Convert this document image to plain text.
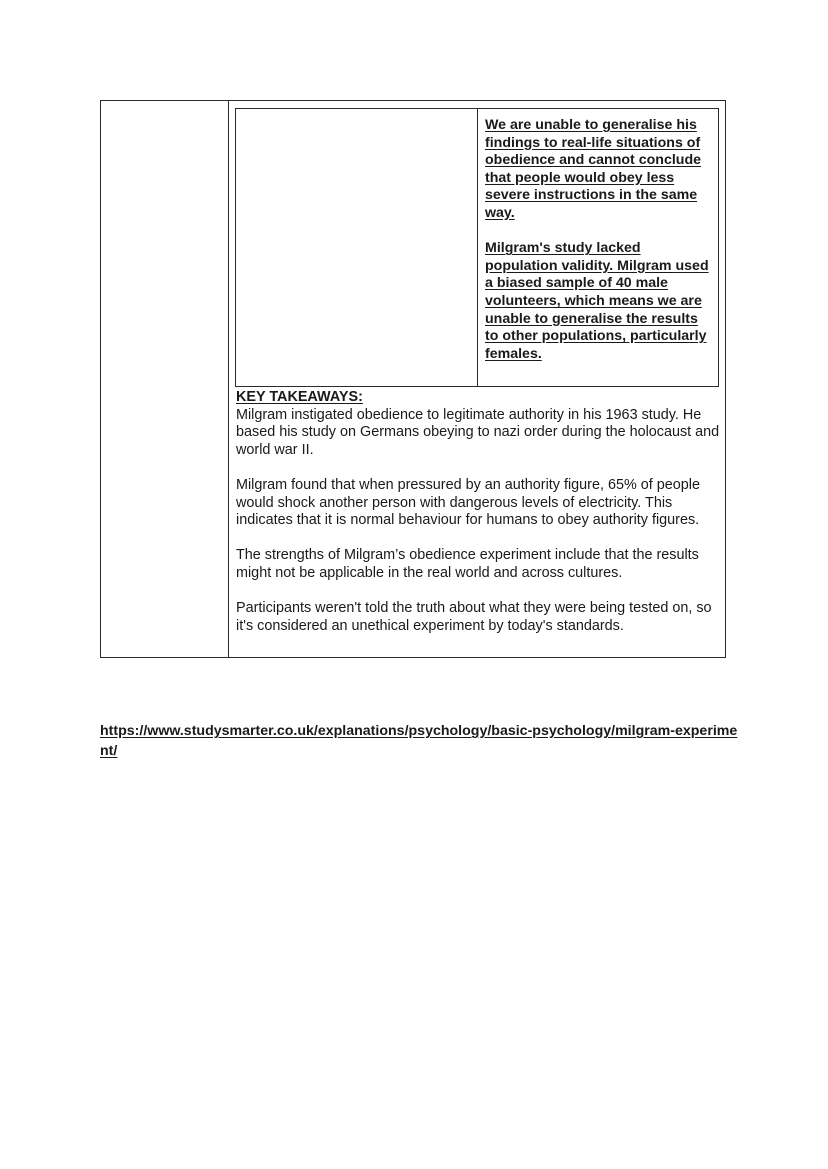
We are unable to generalise his findings to real-life situations of obedience and cannot conclude that people would obey less severe instructions in the same way.

Milgram's study lacked population validity. Milgram used a biased sample of 40 male volunteers, which means we are unable to generalise the results to other populations, particularly females.

KEY TAKEAWAYS:

Milgram instigated obedience to legitimate authority in his 1963 study. He based his study on Germans obeying to nazi order during the holocaust and world war II.

Milgram found that when pressured by an authority figure, 65% of people would shock another person with dangerous levels of electricity. This indicates that it is normal behaviour for humans to obey authority figures.

The strengths of Milgram’s obedience experiment include that the results might not be applicable in the real world and across cultures.

Participants weren't told the truth about what they were being tested on, so it's considered an unethical experiment by today's standards.

https://www.studysmarter.co.uk/explanations/psychology/basic-psychology/milgram-experiment/
